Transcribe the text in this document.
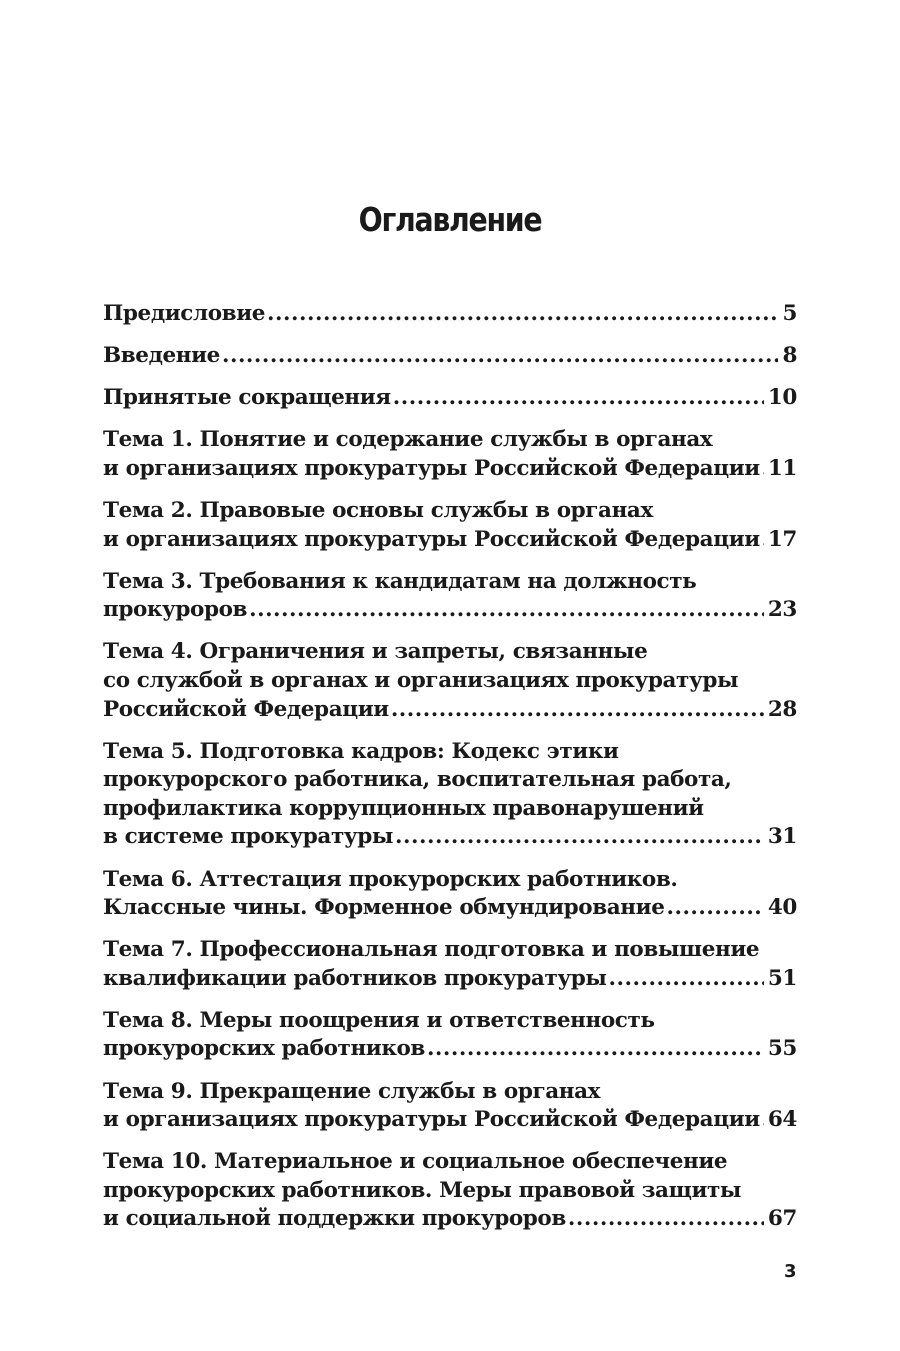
Оглавление
Предисловие .....	5
Введение .....	8
Принятые сокращения .....	10
Тема 1. Понятие и содержание службы в органах
и организациях прокуратуры Российской Федерации ..... 11
Тема 2. Правовые основы службы в органах
и организациях прокуратуры Российской Федерации ..... 17
Тема 3. Требования к кандидатам на должность
прокуроров .....	23
Тема 4. Ограничения и запреты, связанные
со службой в органах и организациях прокуратуры
Российской Федерации .....	28
Тема 5. Подготовка кадров: Кодекс этики
прокурорского работника, воспитательная работа,
профилактика коррупционных правонарушений
в системе прокуратуры .....	31
Тема 6. Аттестация прокурорских работников.
Классные чины. Форменное обмундирование .....	40
Тема 7. Профессиональная подготовка и повышение
квалификации работников прокуратуры .....	51
Тема 8. Меры поощрения и ответственность
прокурорских работников .....	55
Тема 9. Прекращение службы в органах
и организациях прокуратуры Российской Федерации ..... 64
Тема 10. Материальное и социальное обеспечение
прокурорских работников. Меры правовой защиты
и социальной поддержки прокуроров .....	67
3
